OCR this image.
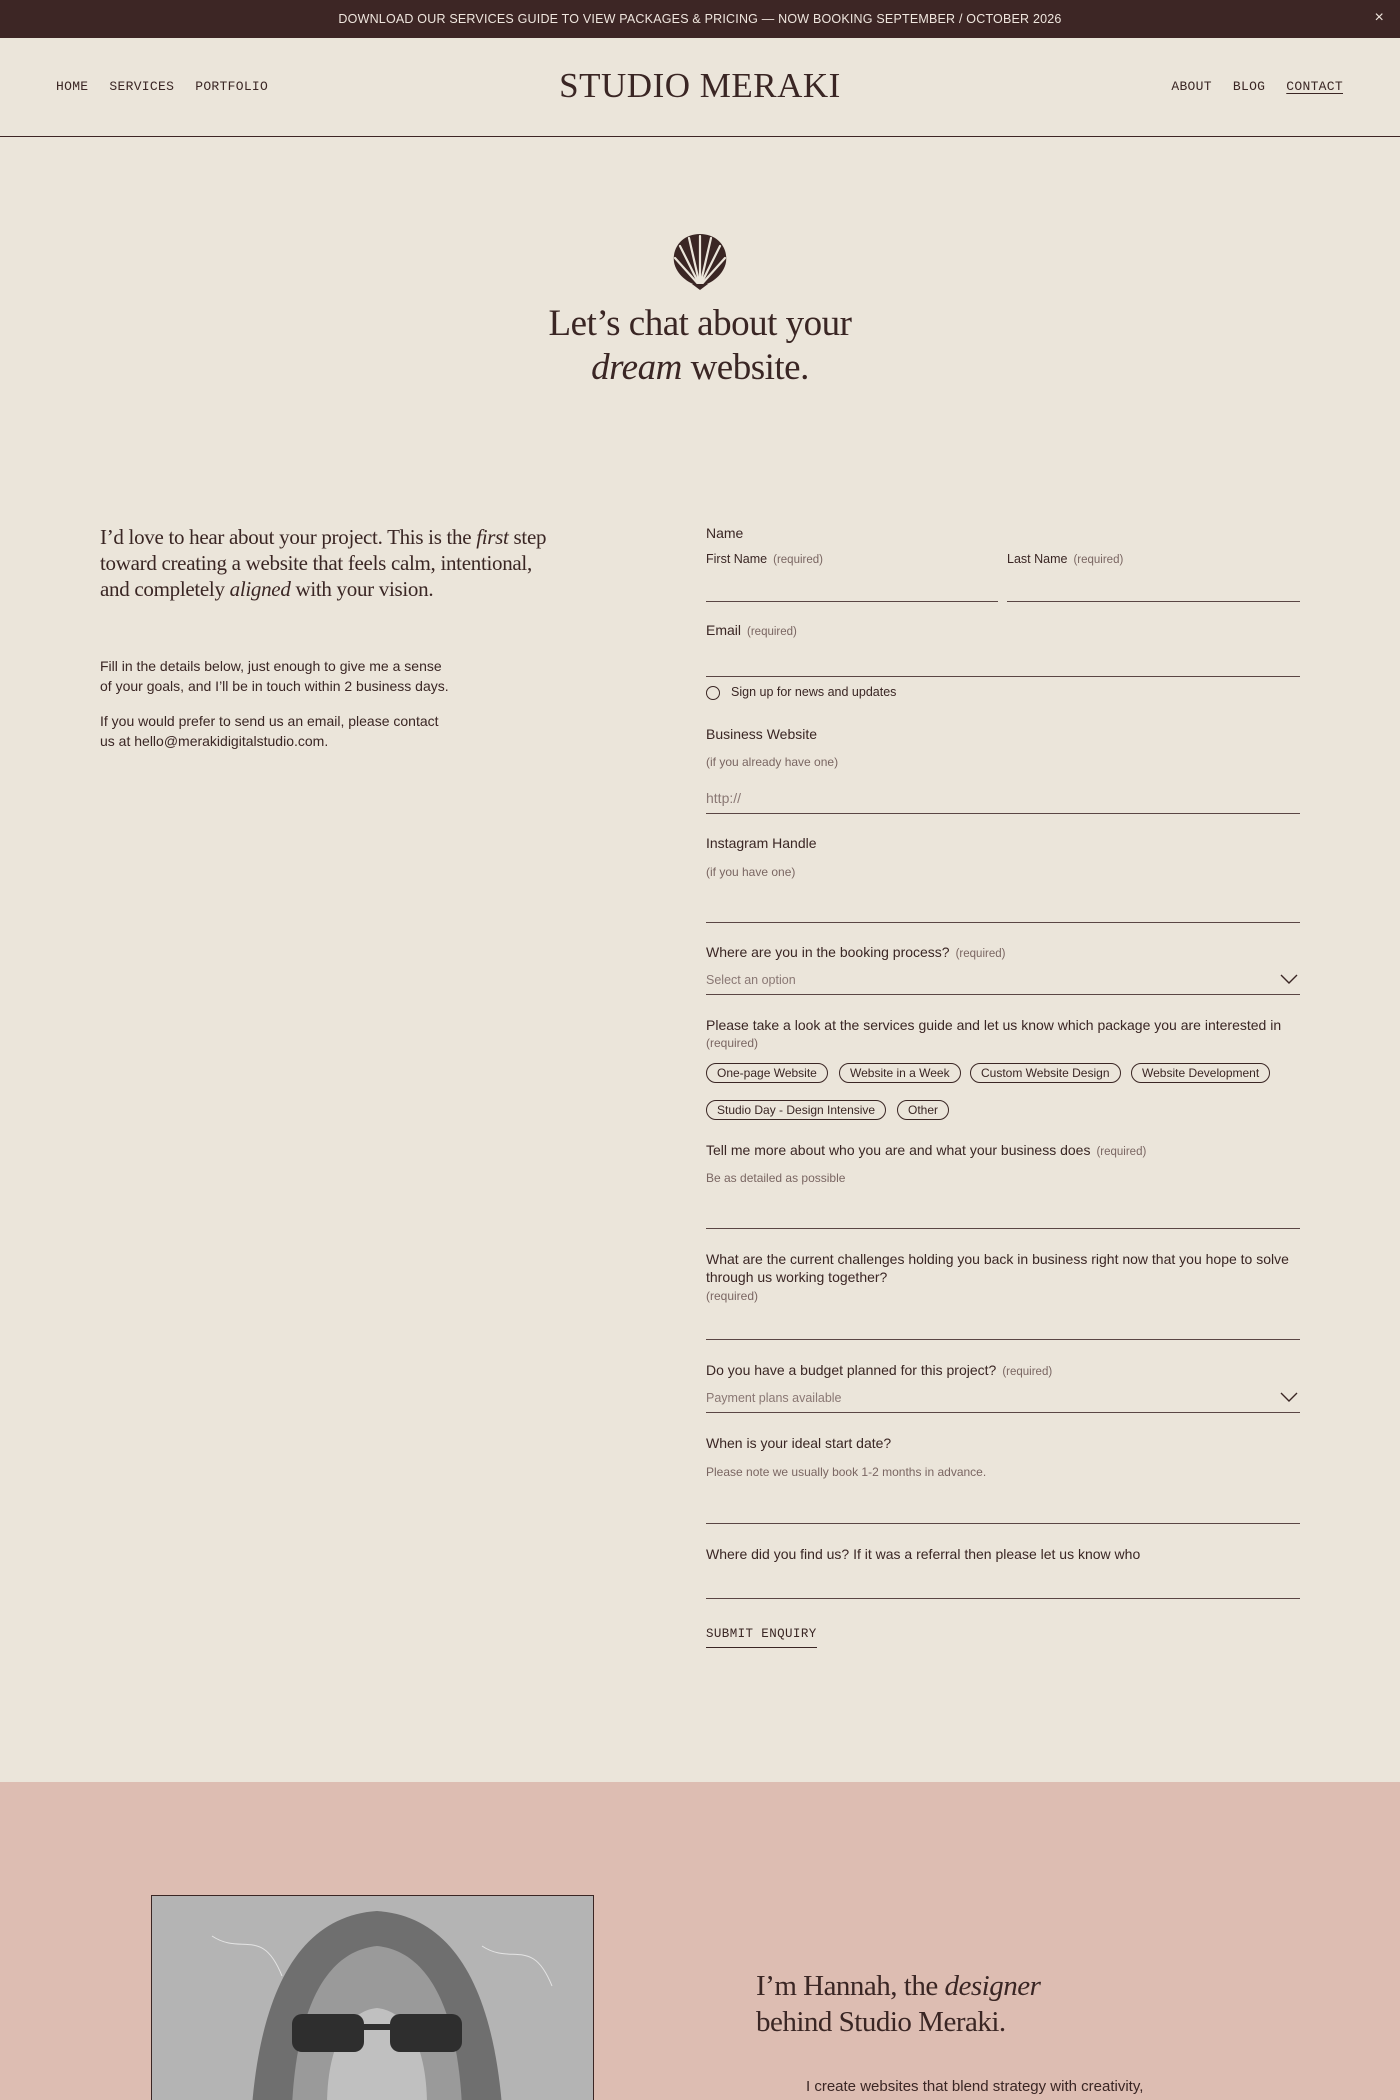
DOWNLOAD OUR SERVICES GUIDE TO VIEW PACKAGES & PRICING — NOW BOOKING SEPTEMBER / OCTOBER 2026	×
HOME SERVICES PORTFOLIO	STUDIO MERAKI	ABOUT BLOG CONTACT
Let’s chat about your
dream website.
I’d love to hear about your project. This is the first step toward creating a website that feels calm, intentional, and completely aligned with your vision.

Fill in the details below, just enough to give me a sense of your goals, and I’ll be in touch within 2 business days.

If you would prefer to send us an email, please contact us at hello@merakidigitalstudio.com.

Name
First Name (required)	Last Name (required)
Email (required)
Sign up for news and updates
Business Website
(if you already have one)
http://
Instagram Handle
(if you have one)
Where are you in the booking process? (required)
Select an option
Please take a look at the services guide and let us know which package you are interested in
(required)
One-page Website	Website in a Week	Custom Website Design	Website Development
Studio Day - Design Intensive	Other
Tell me more about who you are and what your business does (required)
Be as detailed as possible
What are the current challenges holding you back in business right now that you hope to solve
through us working together?
(required)
Do you have a budget planned for this project? (required)
Payment plans available
When is your ideal start date?
Please note we usually book 1-2 months in advance.
Where did you find us? If it was a referral then please let us know who
SUBMIT ENQUIRY
I’m Hannah, the designer
behind Studio Meraki.
I create websites that blend strategy with creativity,
